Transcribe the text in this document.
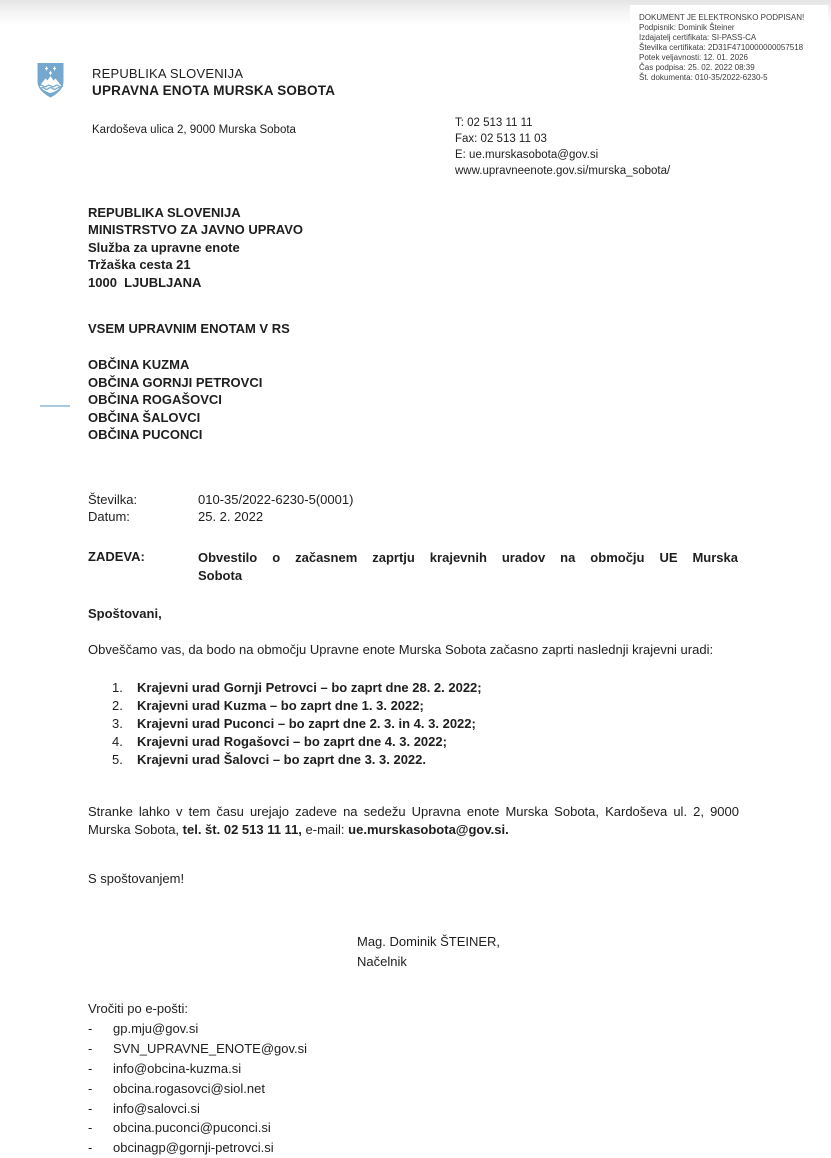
DOKUMENT JE ELEKTRONSKO PODPISAN!
Podpisnik: Dominik Šteiner
Izdajatelj certifikata: SI-PASS-CA
Številka certifikata: 2D31F4710000000057518
Potek veljavnosti: 12. 01. 2026
Čas podpisa: 25. 02. 2022 08:39
Št. dokumenta: 010-35/2022-6230-5
REPUBLIKA SLOVENIJA
UPRAVNA ENOTA MURSKA SOBOTA
Kardoševa ulica 2, 9000 Murska Sobota
T: 02 513 11 11
Fax: 02 513 11 03
E: ue.murskasobota@gov.si
www.upravneenote.gov.si/murska_sobota/
REPUBLIKA SLOVENIJA
MINISTRSTVO ZA JAVNO UPRAVO
Služba za upravne enote
Tržaška cesta 21
1000  LJUBLJANA
VSEM UPRAVNIM ENOTAM V RS
OBČINA KUZMA
OBČINA GORNJI PETROVCI
OBČINA ROGAŠOVCI
OBČINA ŠALOVCI
OBČINA PUCONCI
Številka:	010-35/2022-6230-5(0001)
Datum:	25. 2. 2022
ZADEVA:	Obvestilo o začasnem zaprtju krajevnih uradov na območju UE Murska
Sobota
Spoštovani,
Obveščamo vas, da bodo na območju Upravne enote Murska Sobota začasno zaprti naslednji krajevni uradi:
1.	Krajevni urad Gornji Petrovci – bo zaprt dne 28. 2. 2022;
2.	Krajevni urad Kuzma – bo zaprt dne 1. 3. 2022;
3.	Krajevni urad Puconci – bo zaprt dne 2. 3. in 4. 3. 2022;
4.	Krajevni urad Rogašovci – bo zaprt dne 4. 3. 2022;
5.	Krajevni urad Šalovci – bo zaprt dne 3. 3. 2022.
Stranke lahko v tem času urejajo zadeve na sedežu Upravna enote Murska Sobota, Kardoševa ul. 2, 9000 Murska Sobota, tel. št. 02 513 11 11, e-mail: ue.murskasobota@gov.si.
S spoštovanjem!
Mag. Dominik ŠTEINER,
Načelnik
Vročiti po e-pošti:
-	gp.mju@gov.si
-	SVN_UPRAVNE_ENOTE@gov.si
-	info@obcina-kuzma.si
-	obcina.rogasovci@siol.net
-	info@salovci.si
-	obcina.puconci@puconci.si
-	obcinagp@gornji-petrovci.si
